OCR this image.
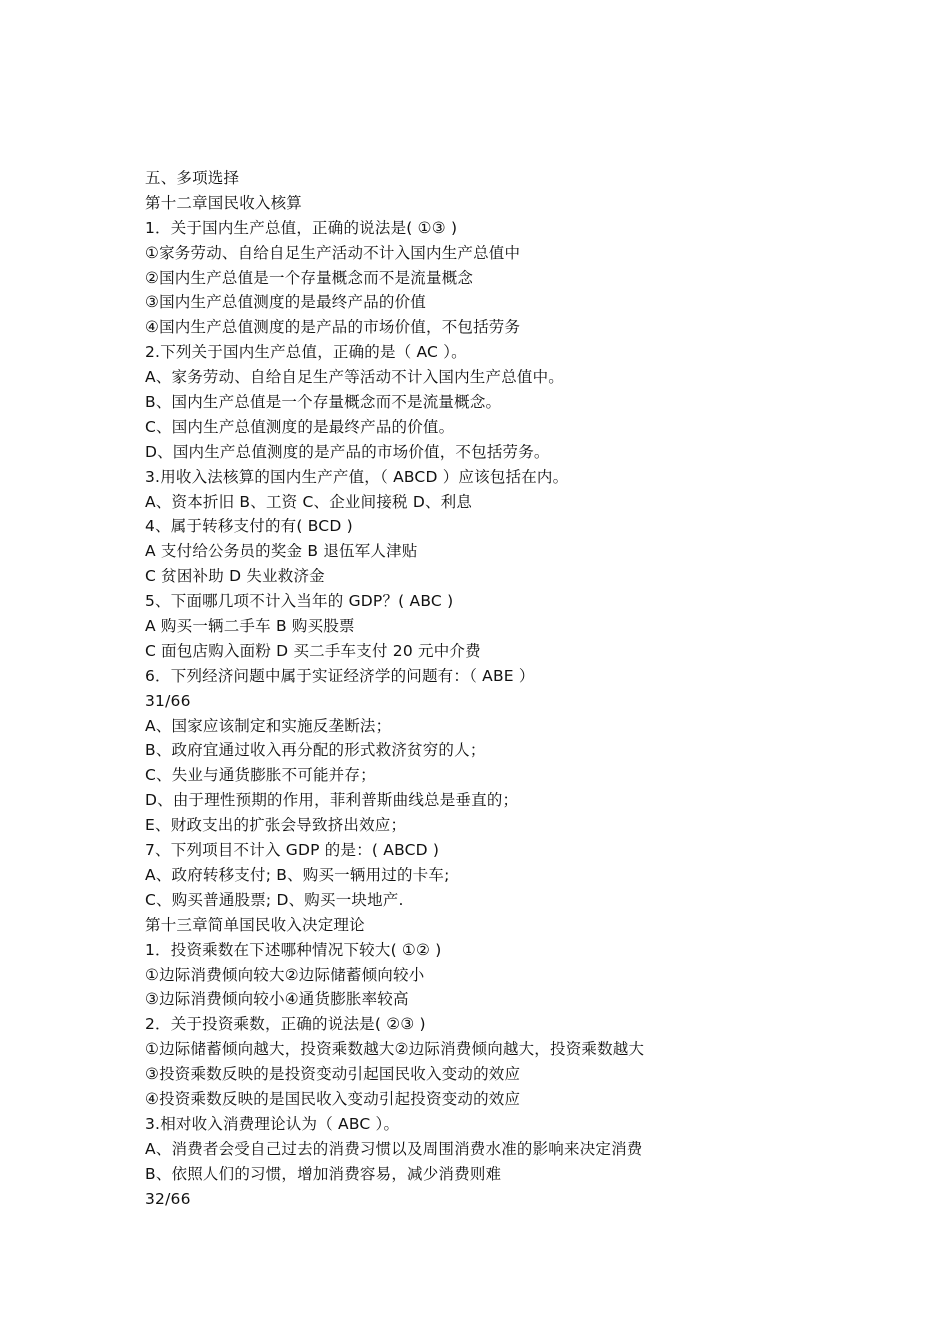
五、多项选择
第十二章国民收入核算
1．关于国内生产总值，正确的说法是( ①③ )
①家务劳动、自给自足生产活动不计入国内生产总值中
②国内生产总值是一个存量概念而不是流量概念
③国内生产总值测度的是最终产品的价值
④国内生产总值测度的是产品的市场价值，不包括劳务
2.下列关于国内生产总值，正确的是（ AC ）。
A、家务劳动、自给自足生产等活动不计入国内生产总值中。
B、国内生产总值是一个存量概念而不是流量概念。
C、国内生产总值测度的是最终产品的价值。
D、国内生产总值测度的是产品的市场价值，不包括劳务。
3.用收入法核算的国内生产产值，（ ABCD ）应该包括在内。
A、资本折旧 B、工资 C、企业间接税 D、利息
4、属于转移支付的有( BCD )
A 支付给公务员的奖金 B 退伍军人津贴
C 贫困补助 D 失业救济金
5、下面哪几项不计入当年的 GDP？( ABC )
A 购买一辆二手车 B 购买股票
C 面包店购入面粉 D 买二手车支付 20 元中介费
6．下列经济问题中属于实证经济学的问题有：（ ABE ）
31/66
A、国家应该制定和实施反垄断法；
B、政府宜通过收入再分配的形式救济贫穷的人；
C、失业与通货膨胀不可能并存；
D、由于理性预期的作用，菲利普斯曲线总是垂直的；
E、财政支出的扩张会导致挤出效应；
7、下列项目不计入 GDP 的是：( ABCD )
A、政府转移支付; B、购买一辆用过的卡车;
C、购买普通股票; D、购买一块地产.
第十三章简单国民收入决定理论
1．投资乘数在下述哪种情况下较大( ①② )
①边际消费倾向较大②边际储蓄倾向较小
③边际消费倾向较小④通货膨胀率较高
2．关于投资乘数，正确的说法是( ②③ )
①边际储蓄倾向越大，投资乘数越大②边际消费倾向越大，投资乘数越大
③投资乘数反映的是投资变动引起国民收入变动的效应
④投资乘数反映的是国民收入变动引起投资变动的效应
3.相对收入消费理论认为（ ABC ）。
A、消费者会受自己过去的消费习惯以及周围消费水准的影响来决定消费
B、依照人们的习惯，增加消费容易，减少消费则难
32/66
